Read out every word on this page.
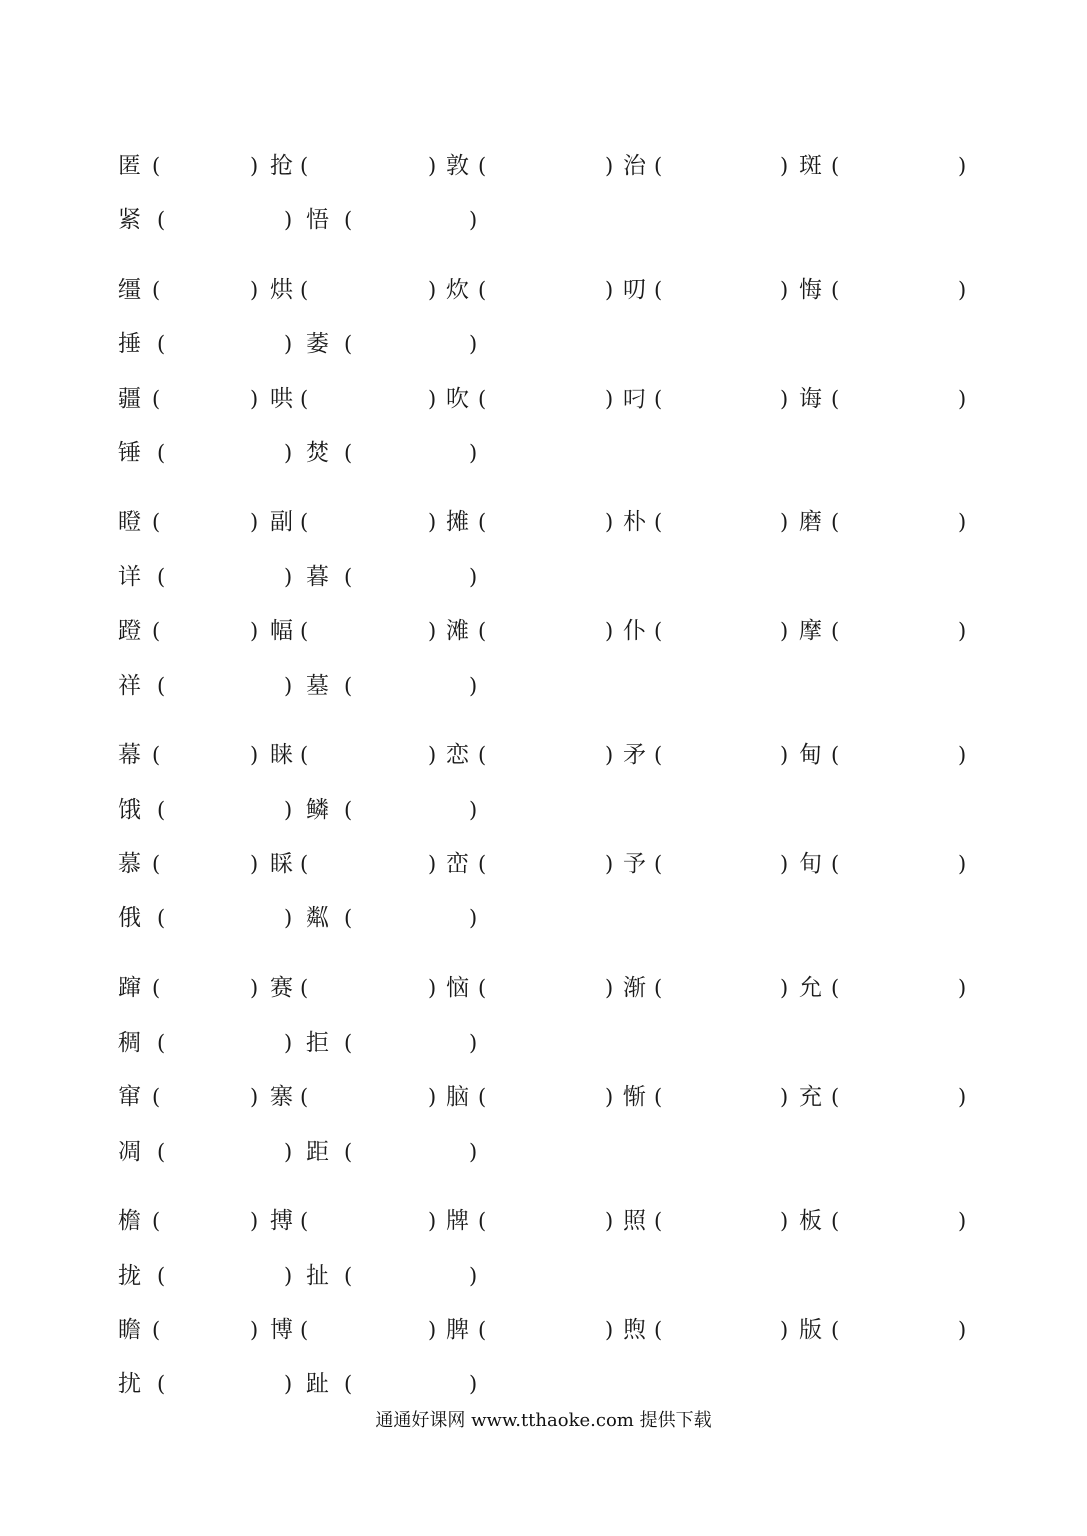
匿 (	) 抢 (	) 敦 (	) 治 (	) 斑 (	)
紧 (	) 悟 (	)
缰 (	) 烘 (	) 炊 (	) 叨 (	) 悔 (	)
捶 (	) 萎 (	)
疆 (	) 哄 (	) 吹 (	) 叼 (	) 诲 (	)
锤 (	) 焚 (	)
瞪 (	) 副 (	) 摊 (	) 朴 (	) 磨 (	)
详 (	) 暮 (	)
蹬 (	) 幅 (	) 滩 (	) 仆 (	) 摩 (	)
祥 (	) 墓 (	)
幕 (	) 睐 (	) 恋 (	) 矛 (	) 甸 (	)
饿 (	) 鳞 (	)
慕 (	) 睬 (	) 峦 (	) 予 (	) 旬 (	)
俄 (	) 粼 (	)
蹿 (	) 赛 (	) 恼 (	) 渐 (	) 允 (	)
稠 (	) 拒 (	)
窜 (	) 寨 (	) 脑 (	) 惭 (	) 充 (	)
凋 (	) 距 (	)
檐 (	) 搏 (	) 牌 (	) 照 (	) 板 (	)
拢 (	) 扯 (	)
瞻 (	) 博 (	) 脾 (	) 煦 (	) 版 (	)
扰 (	) 趾 (	)
通通好课网 www.tthaoke.com 提供下载
